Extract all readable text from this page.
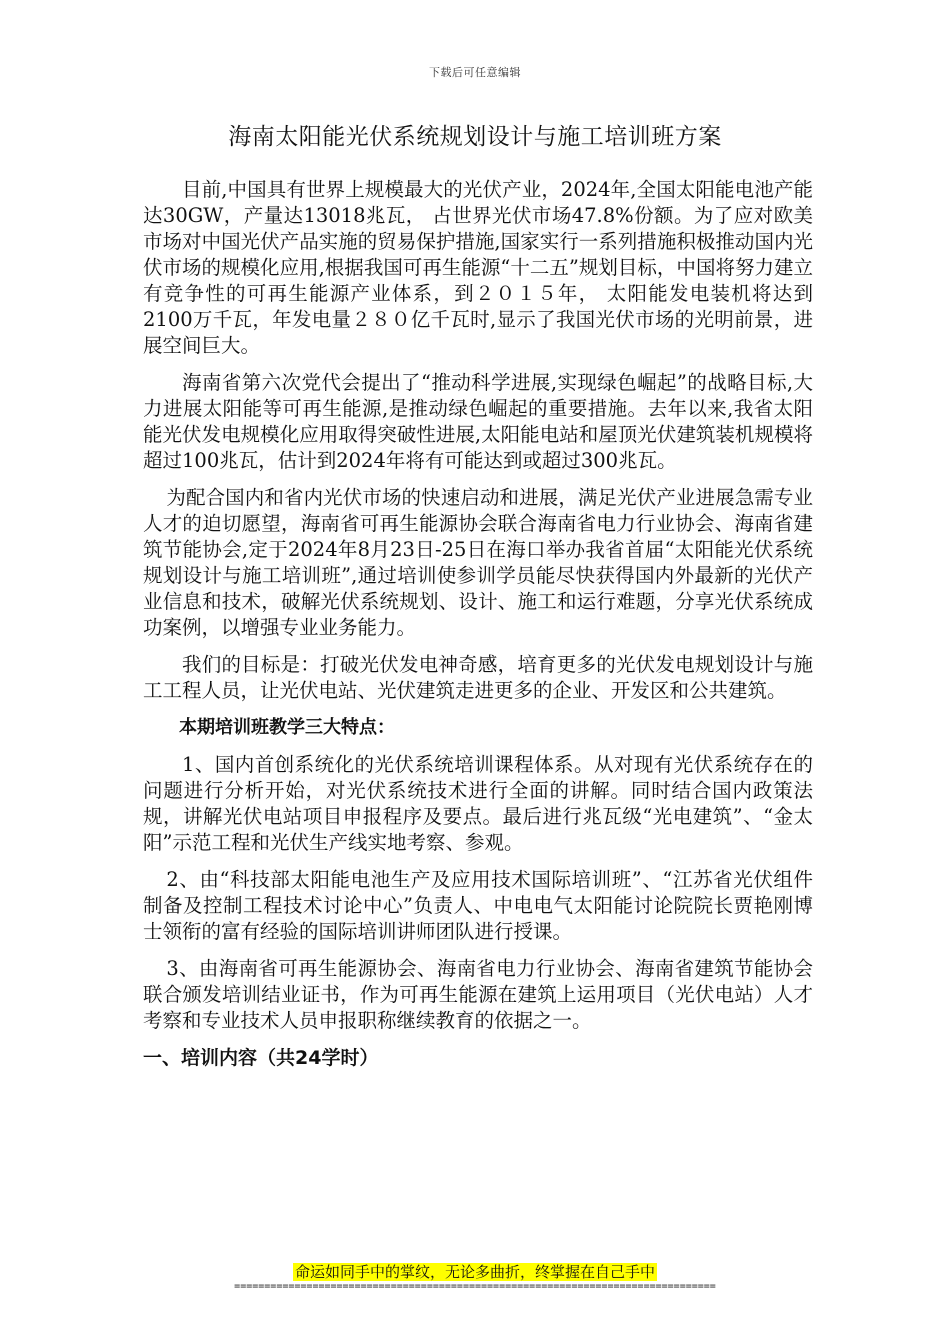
下载后可任意编辑
海南太阳能光伏系统规划设计与施工培训班方案

目前,中国具有世界上规模最大的光伏产业，2024年,全国太阳能电池产能达30GW，产量达13018兆瓦， 占世界光伏市场47.8%份额。为了应对欧美市场对中国光伏产品实施的贸易保护措施,国家实行一系列措施积极推动国内光伏市场的规模化应用,根据我国可再生能源“十二五”规划目标，中国将努力建立有竞争性的可再生能源产业体系，到２０１５年， 太阳能发电装机将达到2100万千瓦，年发电量２８０亿千瓦时,显示了我国光伏市场的光明前景，进展空间巨大。

海南省第六次党代会提出了“推动科学进展,实现绿色崛起”的战略目标,大力进展太阳能等可再生能源,是推动绿色崛起的重要措施。去年以来,我省太阳能光伏发电规模化应用取得突破性进展,太阳能电站和屋顶光伏建筑装机规模将超过100兆瓦，估计到2024年将有可能达到或超过300兆瓦。

为配合国内和省内光伏市场的快速启动和进展，满足光伏产业进展急需专业人才的迫切愿望，海南省可再生能源协会联合海南省电力行业协会、海南省建筑节能协会,定于2024年8月23日-25日在海口举办我省首届“太阳能光伏系统规划设计与施工培训班”,通过培训使参训学员能尽快获得国内外最新的光伏产业信息和技术，破解光伏系统规划、设计、施工和运行难题，分享光伏系统成功案例，以增强专业业务能力。

我们的目标是：打破光伏发电神奇感，培育更多的光伏发电规划设计与施工工程人员，让光伏电站、光伏建筑走进更多的企业、开发区和公共建筑。

本期培训班教学三大特点：

1、国内首创系统化的光伏系统培训课程体系。从对现有光伏系统存在的问题进行分析开始，对光伏系统技术进行全面的讲解。同时结合国内政策法规，讲解光伏电站项目申报程序及要点。最后进行兆瓦级“光电建筑”、“金太阳”示范工程和光伏生产线实地考察、参观。

2、由“科技部太阳能电池生产及应用技术国际培训班”、“江苏省光伏组件制备及控制工程技术讨论中心”负责人、中电电气太阳能讨论院院长贾艳刚博士领衔的富有经验的国际培训讲师团队进行授课。

3、由海南省可再生能源协会、海南省电力行业协会、海南省建筑节能协会联合颁发培训结业证书，作为可再生能源在建筑上运用项目（光伏电站）人才考察和专业技术人员申报职称继续教育的依据之一。

一、培训内容（共24学时）
命运如同手中的掌纹，无论多曲折，终掌握在自己手中
================================================================================
